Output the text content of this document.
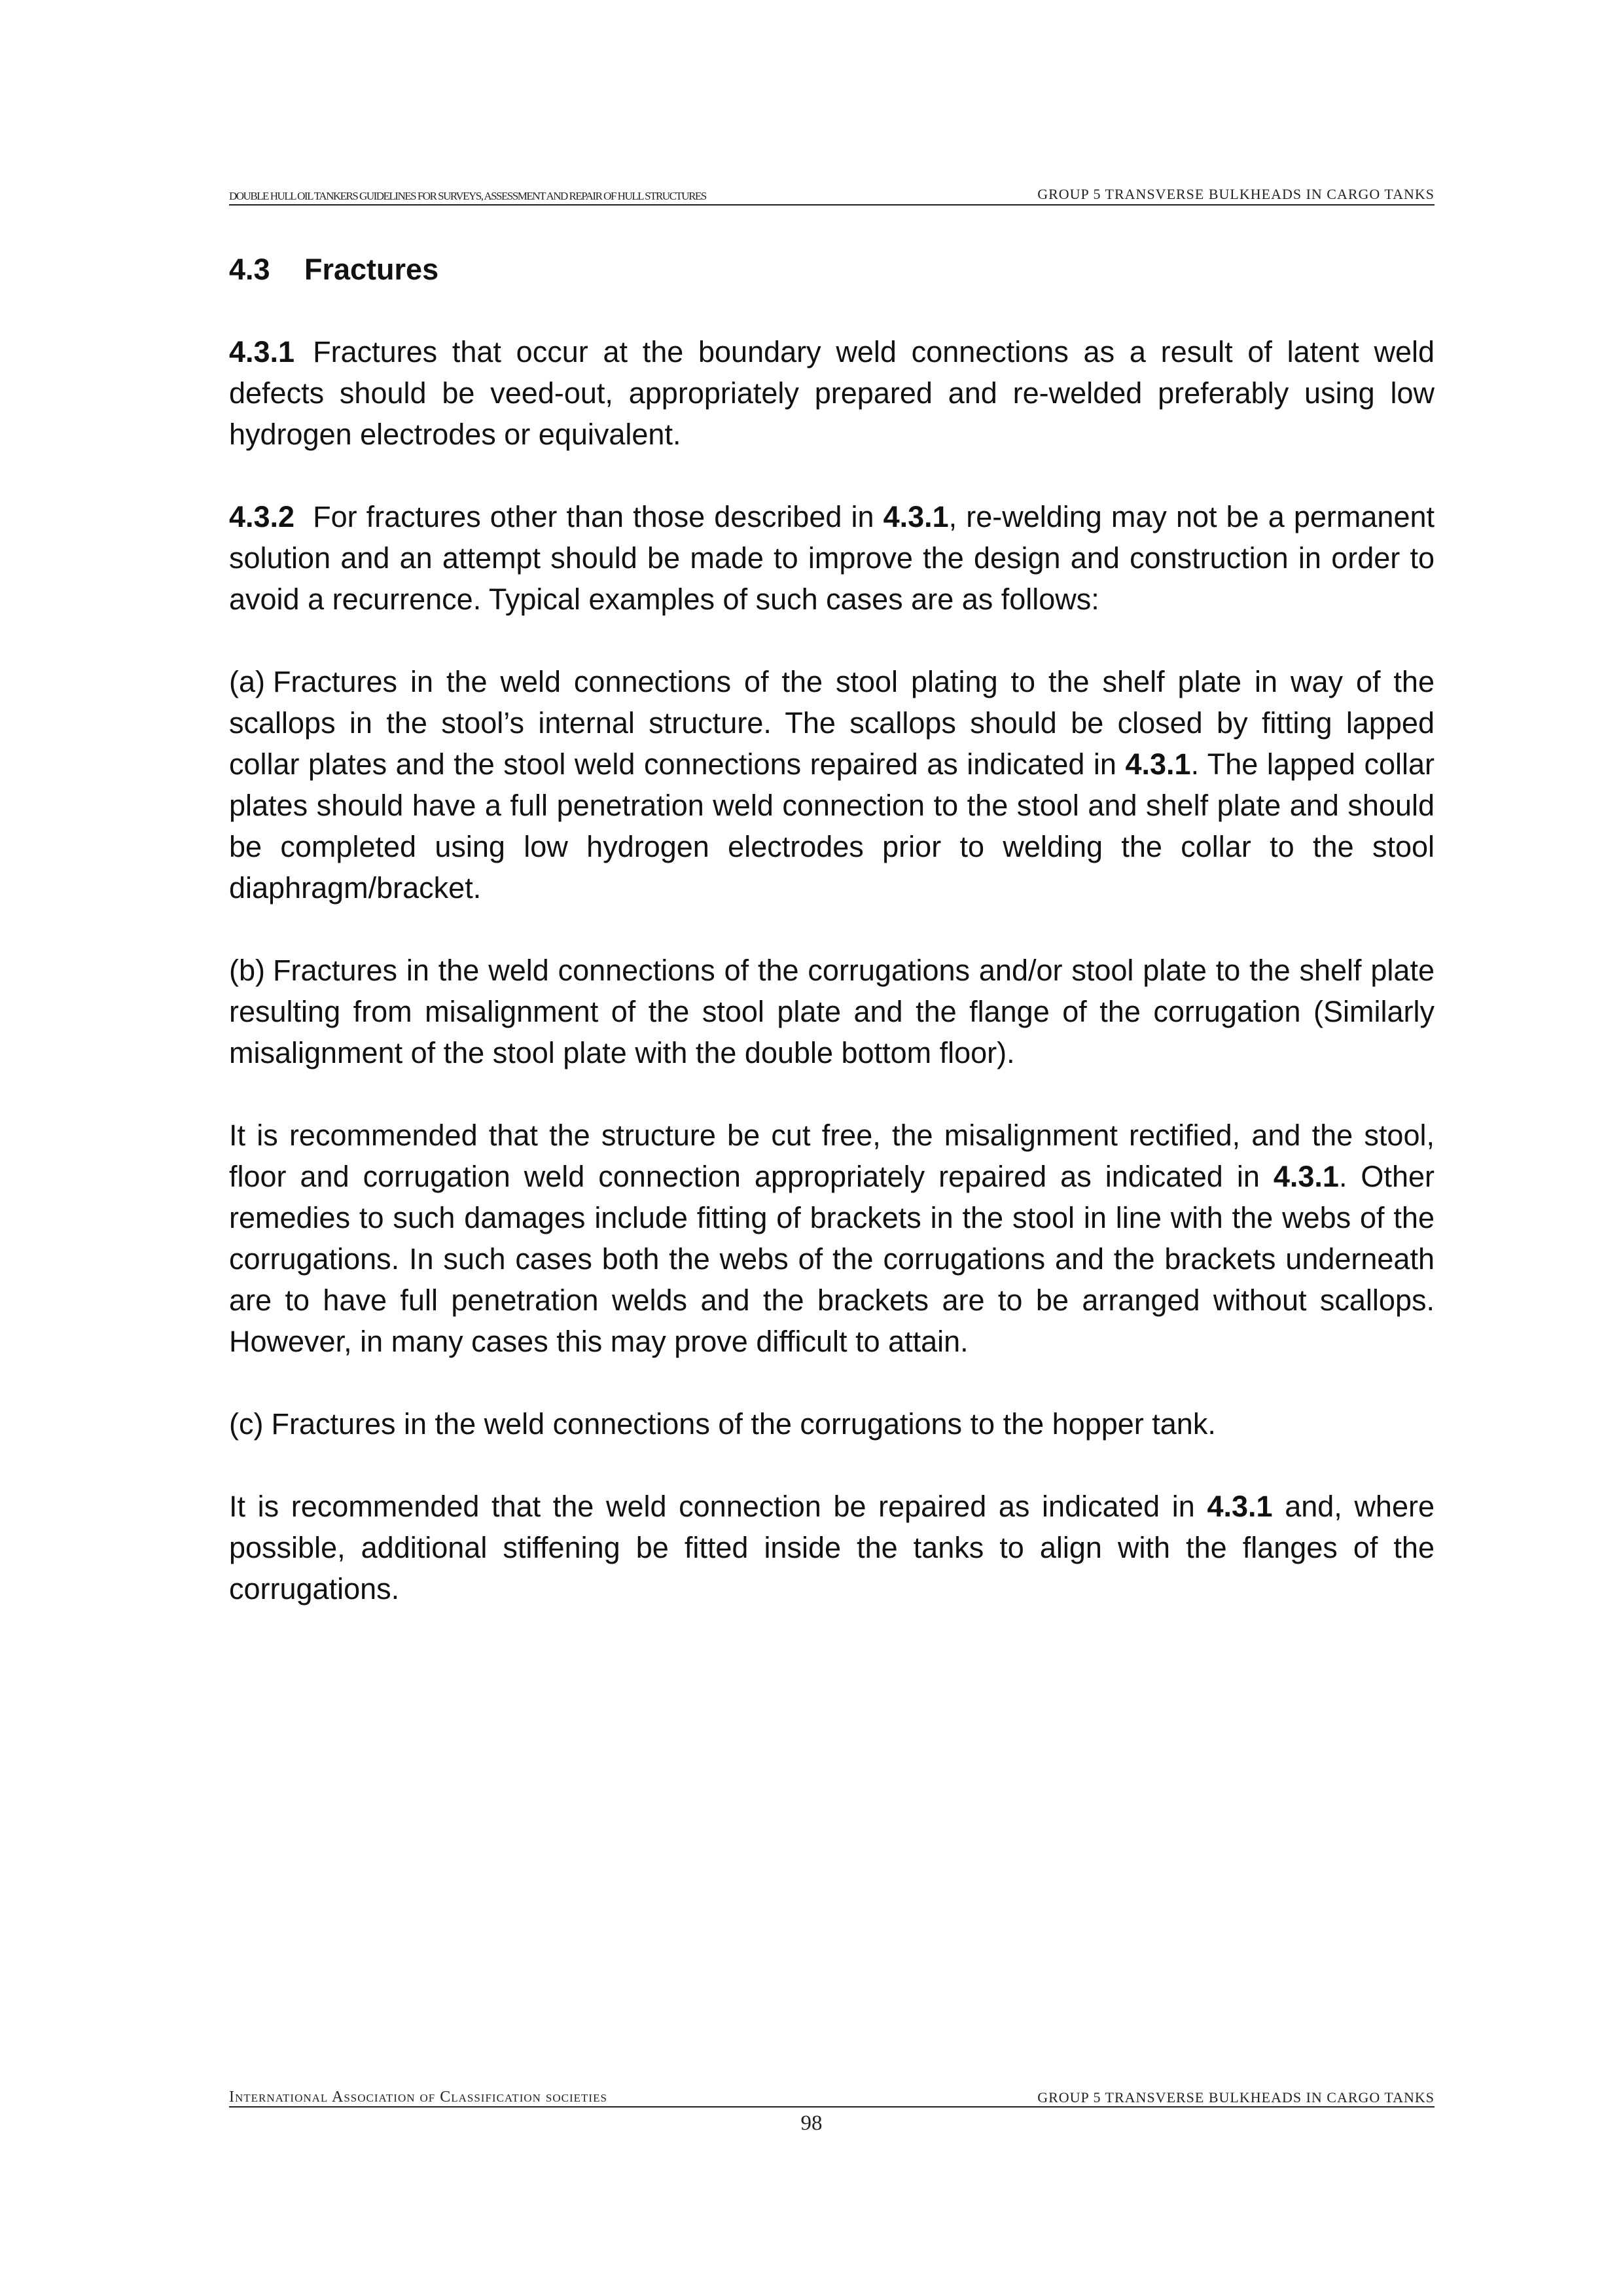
DOUBLE HULL OIL TANKERS GUIDELINES FOR SURVEYS, ASSESSMENT AND REPAIR OF HULL STRUCTURES	GROUP 5 TRANSVERSE BULKHEADS IN CARGO TANKS
4.3 Fractures

4.3.1 Fractures that occur at the boundary weld connections as a result of latent weld defects should be veed-out, appropriately prepared and re-welded preferably using low hydrogen electrodes or equivalent.

4.3.2 For fractures other than those described in 4.3.1, re-welding may not be a permanent solution and an attempt should be made to improve the design and construction in order to avoid a recurrence. Typical examples of such cases are as follows:

(a) Fractures in the weld connections of the stool plating to the shelf plate in way of the scallops in the stool’s internal structure. The scallops should be closed by fitting lapped collar plates and the stool weld connections repaired as indicated in 4.3.1. The lapped collar plates should have a full penetration weld connection to the stool and shelf plate and should be completed using low hydrogen electrodes prior to welding the collar to the stool diaphragm/bracket.

(b) Fractures in the weld connections of the corrugations and/or stool plate to the shelf plate resulting from misalignment of the stool plate and the flange of the corrugation (Similarly misalignment of the stool plate with the double bottom floor).

It is recommended that the structure be cut free, the misalignment rectified, and the stool, floor and corrugation weld connection appropriately repaired as indicated in 4.3.1. Other remedies to such damages include fitting of brackets in the stool in line with the webs of the corrugations. In such cases both the webs of the corrugations and the brackets underneath are to have full penetration welds and the brackets are to be arranged without scallops. However, in many cases this may prove difficult to attain.

(c) Fractures in the weld connections of the corrugations to the hopper tank.

It is recommended that the weld connection be repaired as indicated in 4.3.1 and, where possible, additional stiffening be fitted inside the tanks to align with the flanges of the corrugations.

International Association of Classification societies	GROUP 5 TRANSVERSE BULKHEADS IN CARGO TANKS
98
